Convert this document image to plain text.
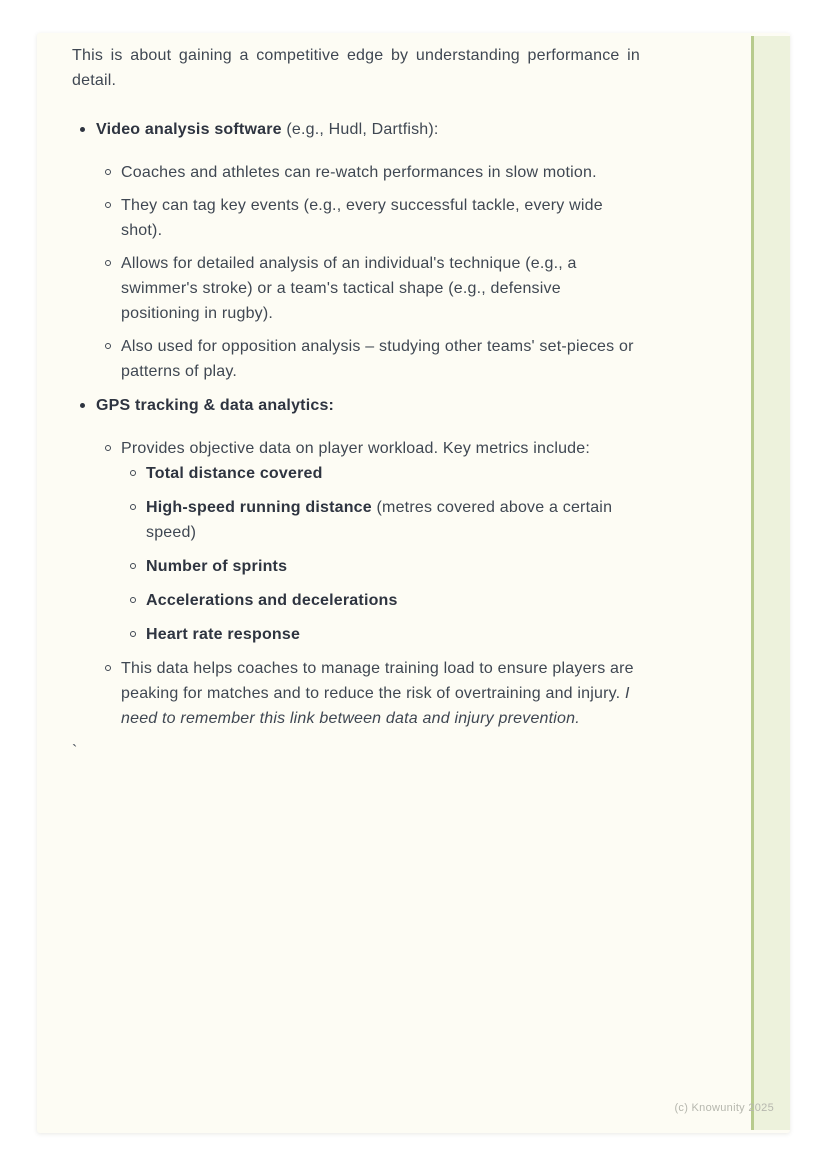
This is about gaining a competitive edge by understanding performance in detail.

Video analysis software (e.g., Hudl, Dartfish):
Coaches and athletes can re-watch performances in slow motion.
They can tag key events (e.g., every successful tackle, every wide shot).
Allows for detailed analysis of an individual's technique (e.g., a swimmer's stroke) or a team's tactical shape (e.g., defensive positioning in rugby).
Also used for opposition analysis – studying other teams' set-pieces or patterns of play.
GPS tracking & data analytics:
Provides objective data on player workload. Key metrics include:
Total distance covered
High-speed running distance (metres covered above a certain speed)
Number of sprints
Accelerations and decelerations
Heart rate response
This data helps coaches to manage training load to ensure players are peaking for matches and to reduce the risk of overtraining and injury. I need to remember this link between data and injury prevention.

`

(c) Knowunity 2025
